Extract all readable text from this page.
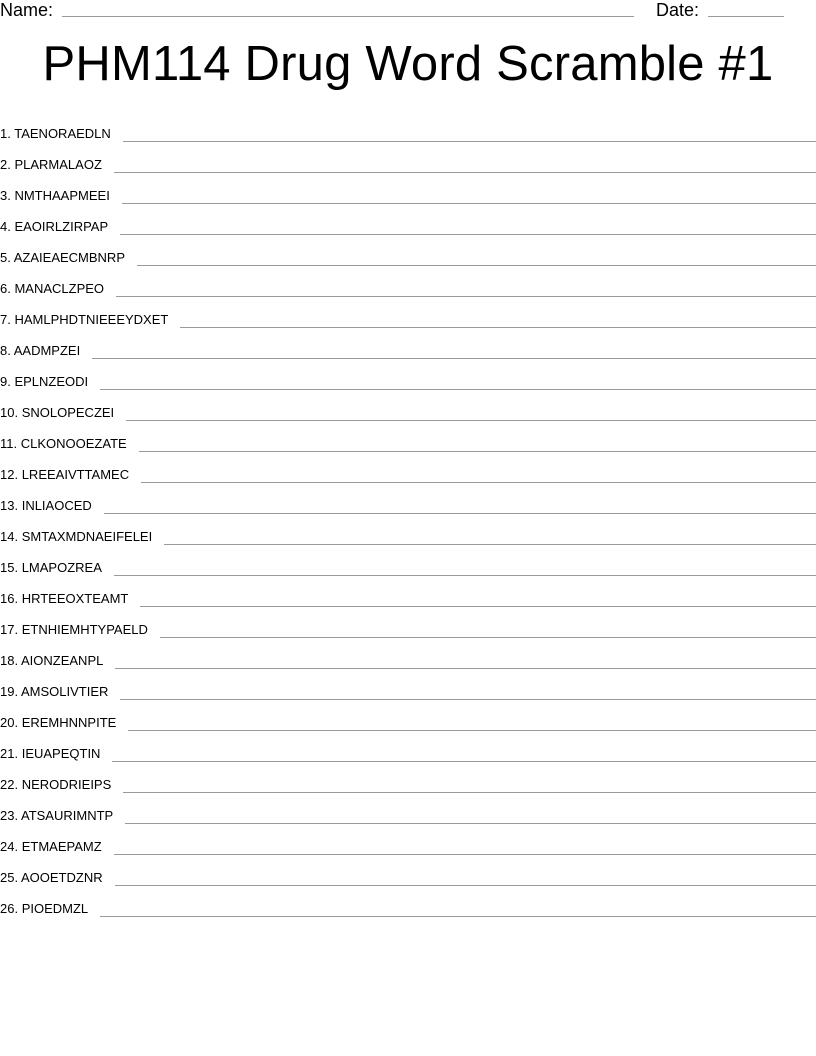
Name:	Date:
PHM114 Drug Word Scramble #1
1. TAENORAEDLN
2. PLARMALAOZ
3. NMTHAAPMEEI
4. EAOIRLZIRPAP
5. AZAIEAECMBNRP
6. MANACLZPEO
7. HAMLPHDTNIEEEYDXET
8. AADMPZEI
9. EPLNZEODI
10. SNOLOPECZEI
11. CLKONOOEZATE
12. LREEAIVTTAMEC
13. INLIAOCED
14. SMTAXMDNAEIFELEI
15. LMAPOZREA
16. HRTEEOXTEAMT
17. ETNHIEMHTYPAELD
18. AIONZEANPL
19. AMSOLIVTIER
20. EREMHNNPITE
21. IEUAPEQTIN
22. NERODRIEIPS
23. ATSAURIMNTP
24. ETMAEPAMZ
25. AOOETDZNR
26. PIOEDMZL
